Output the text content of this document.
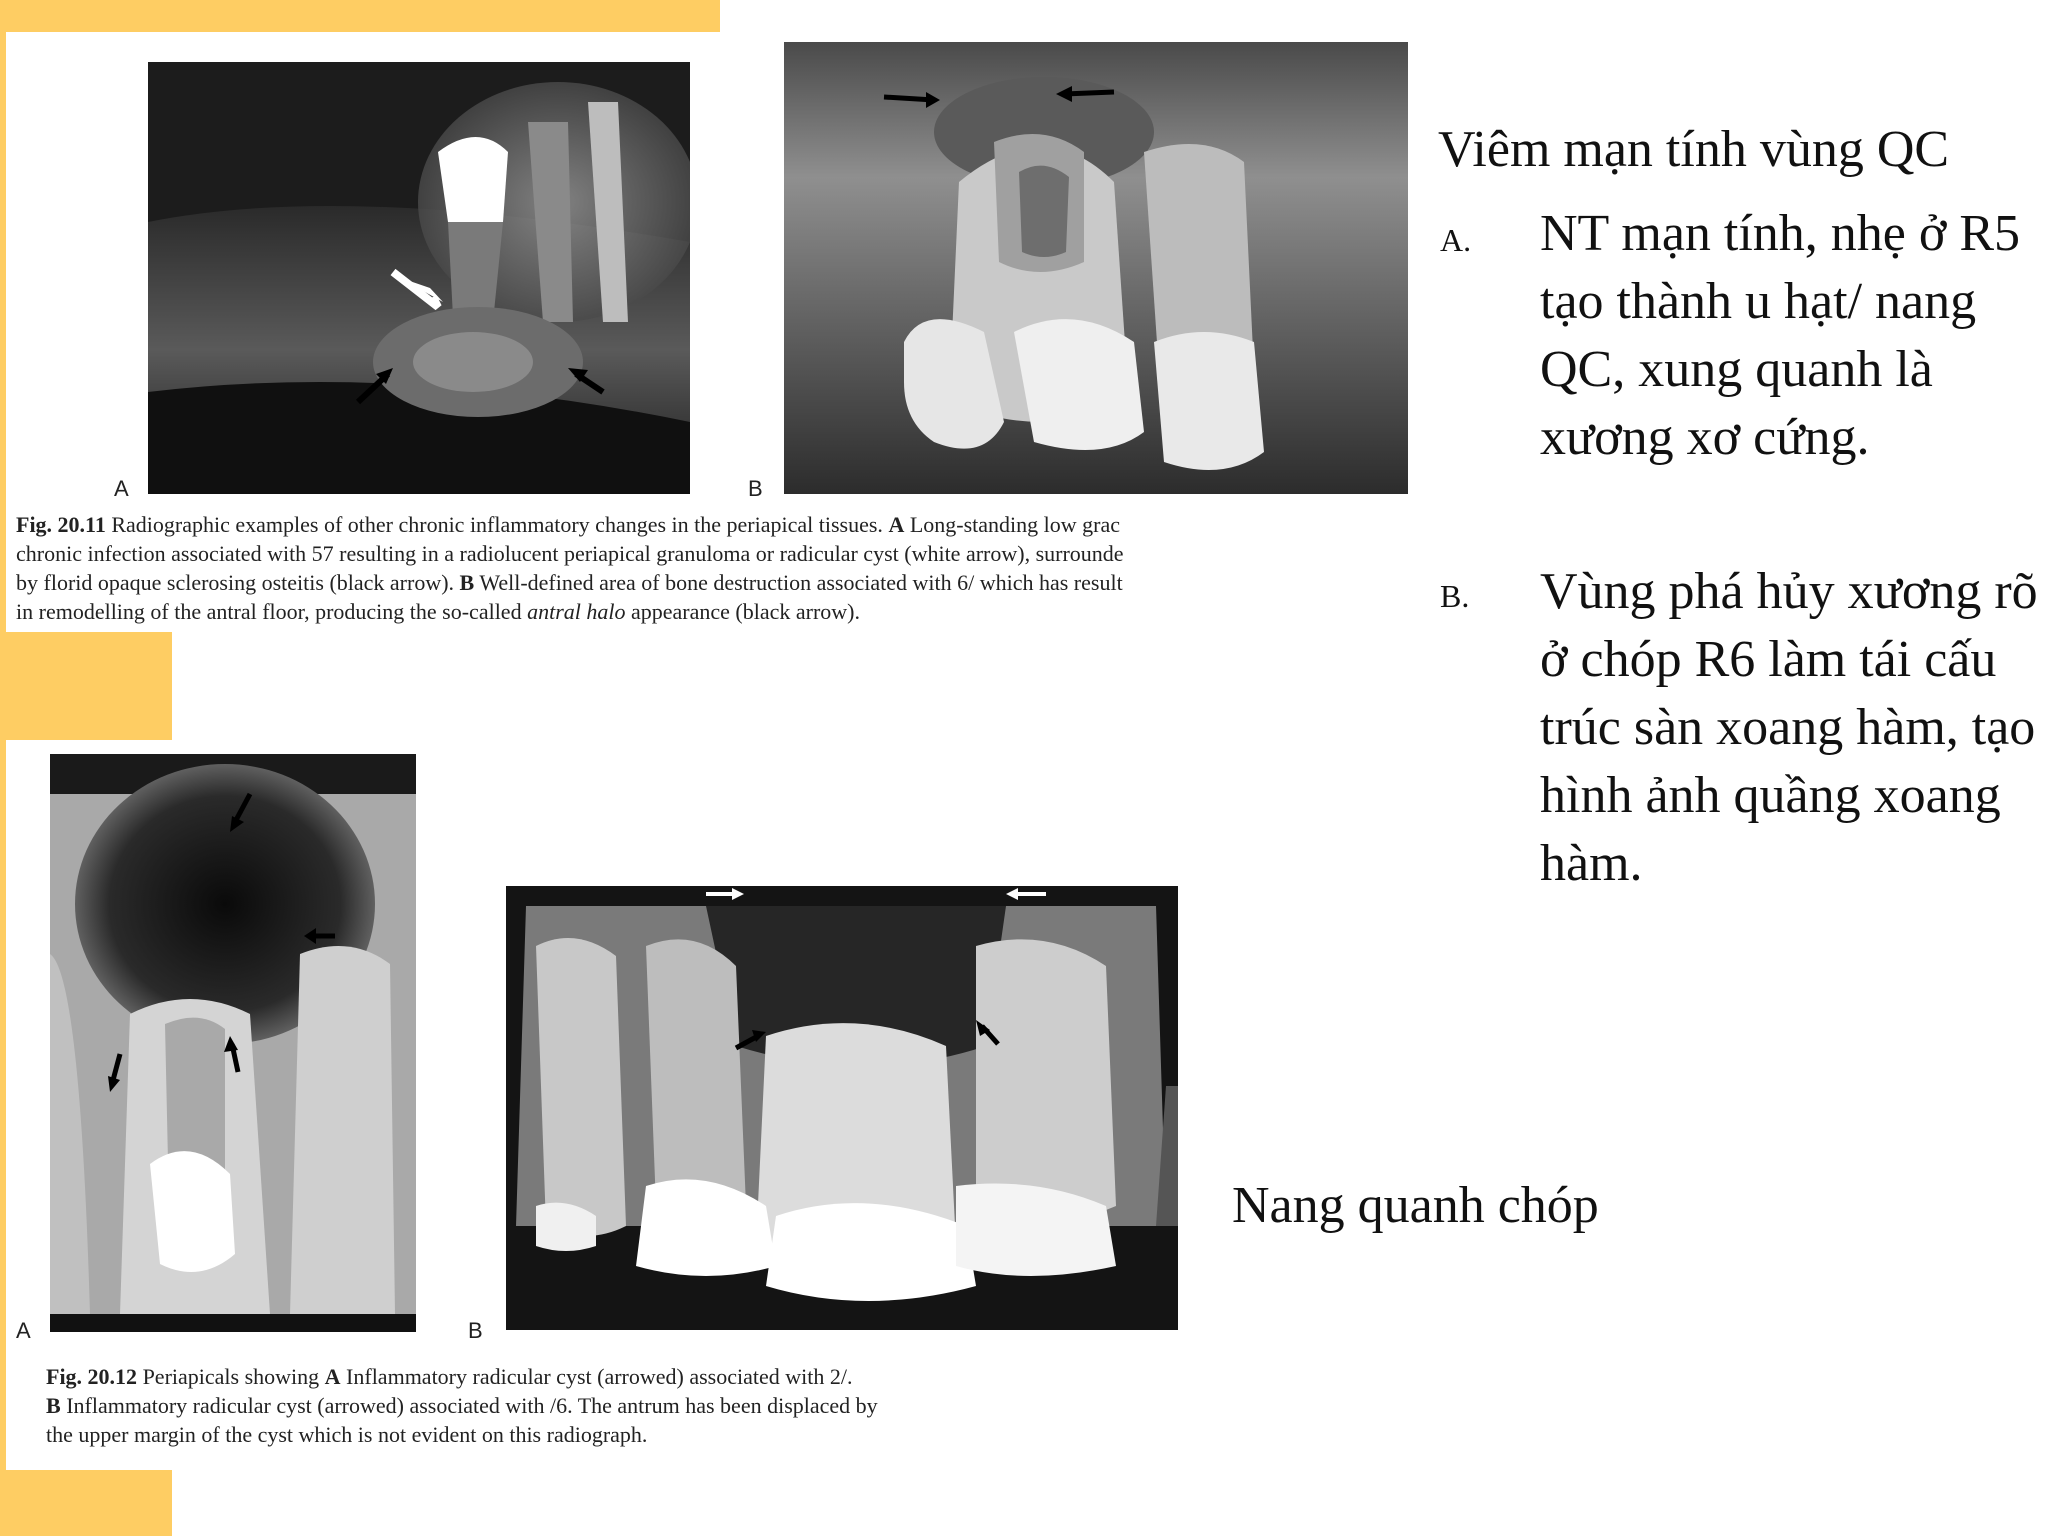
A	B
Fig. 20.11 Radiographic examples of other chronic inflammatory changes in the periapical tissues. A Long-standing low grac
chronic infection associated with 57 resulting in a radiolucent periapical granuloma or radicular cyst (white arrow), surrounde
by florid opaque sclerosing osteitis (black arrow). B Well-defined area of bone destruction associated with 6/ which has result
in remodelling of the antral floor, producing the so-called antral halo appearance (black arrow).
A	B
Fig. 20.12 Periapicals showing A Inflammatory radicular cyst (arrowed) associated with 2/.
B Inflammatory radicular cyst (arrowed) associated with /6. The antrum has been displaced by
the upper margin of the cyst which is not evident on this radiograph.
Viêm mạn tính vùng QC
A. NT mạn tính, nhẹ ở R5 tạo thành u hạt/ nang QC, xung quanh là xương xơ cứng.
B. Vùng phá hủy xương rõ ở chóp R6 làm tái cấu trúc sàn xoang hàm, tạo hình ảnh quầng xoang hàm.
Nang quanh chóp
